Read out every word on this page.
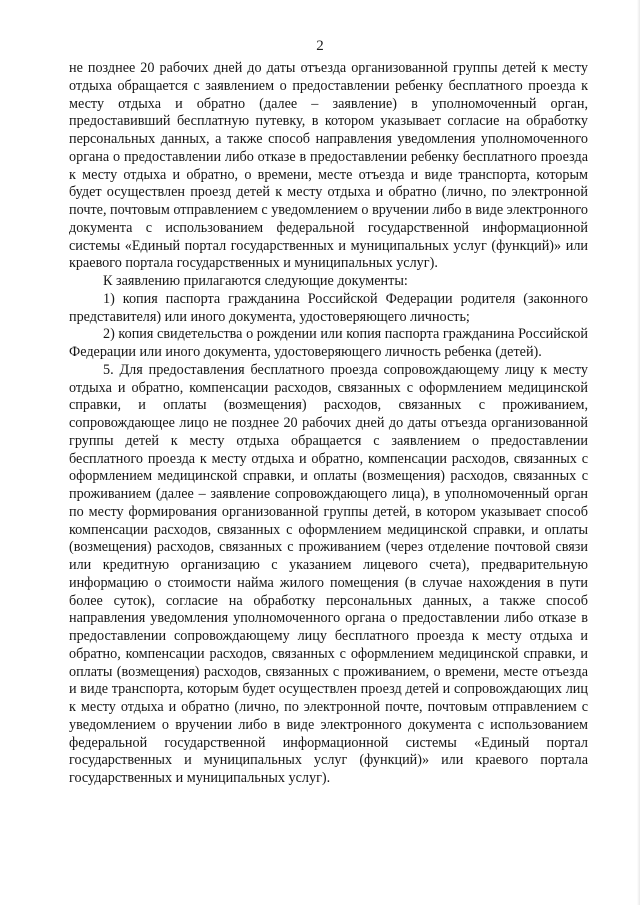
2

не позднее 20 рабочих дней до даты отъезда организованной группы детей к месту отдыха обращается с заявлением о предоставлении ребенку бесплатного проезда к месту отдыха и обратно (далее – заявление) в уполномоченный орган, предоставивший бесплатную путевку, в котором указывает согласие на обработку персональных данных, а также способ направления уведомления уполномоченного органа о предоставлении либо отказе в предоставлении ребенку бесплатного проезда к месту отдыха и обратно, о времени, месте отъезда и виде транспорта, которым будет осуществлен проезд детей к месту отдыха и обратно (лично, по электронной почте, почтовым отправлением с уведомлением о вручении либо в виде электронного документа с использованием федеральной государственной информационной системы «Единый портал государственных и муниципальных услуг (функций)» или краевого портала государственных и муниципальных услуг).

К заявлению прилагаются следующие документы:

1) копия паспорта гражданина Российской Федерации родителя (законного представителя) или иного документа, удостоверяющего личность;

2) копия свидетельства о рождении или копия паспорта гражданина Российской Федерации или иного документа, удостоверяющего личность ребенка (детей).

5. Для предоставления бесплатного проезда сопровождающему лицу к месту отдыха и обратно, компенсации расходов, связанных с оформлением медицинской справки, и оплаты (возмещения) расходов, связанных с проживанием, сопровождающее лицо не позднее 20 рабочих дней до даты отъезда организованной группы детей к месту отдыха обращается с заявлением о предоставлении бесплатного проезда к месту отдыха и обратно, компенсации расходов, связанных с оформлением медицинской справки, и оплаты (возмещения) расходов, связанных с проживанием (далее – заявление сопровождающего лица), в уполномоченный орган по месту формирования организованной группы детей, в котором указывает способ компенсации расходов, связанных с оформлением медицинской справки, и оплаты (возмещения) расходов, связанных с проживанием (через отделение почтовой связи или кредитную организацию с указанием лицевого счета), предварительную информацию о стоимости найма жилого помещения (в случае нахождения в пути более суток), согласие на обработку персональных данных, а также способ направления уведомления уполномоченного органа о предоставлении либо отказе в предоставлении сопровождающему лицу бесплатного проезда к месту отдыха и обратно, компенсации расходов, связанных с оформлением медицинской справки, и оплаты (возмещения) расходов, связанных с проживанием, о времени, месте отъезда и виде транспорта, которым будет осуществлен проезд детей и сопровождающих лиц к месту отдыха и обратно (лично, по электронной почте, почтовым отправлением с уведомлением о вручении либо в виде электронного документа с использованием федеральной государственной информационной системы «Единый портал государственных и муниципальных услуг (функций)» или краевого портала государственных и муниципальных услуг).
